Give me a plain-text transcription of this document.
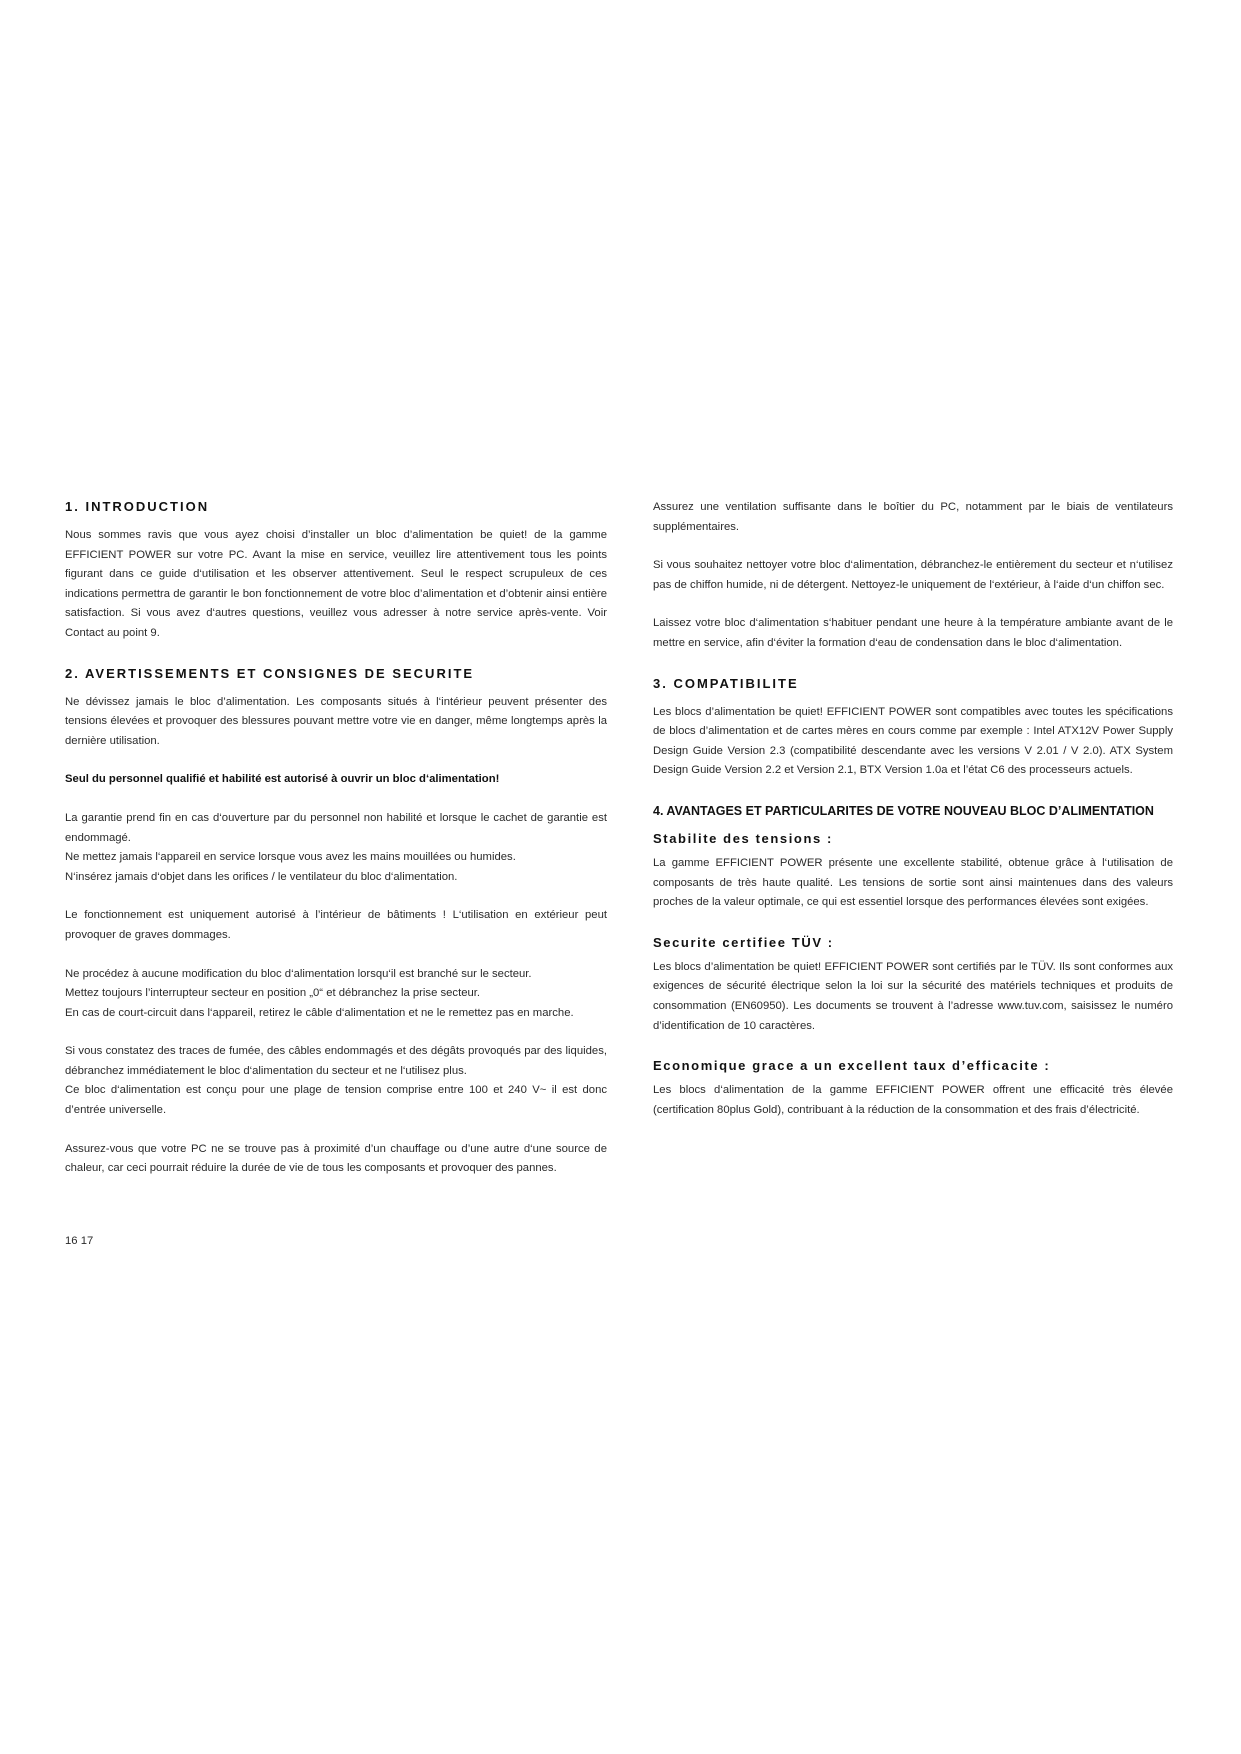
1. INTRODUCTION

Nous sommes ravis que vous ayez choisi d’installer un bloc d’alimentation be quiet! de la gamme EFFICIENT POWER sur votre PC. Avant la mise en service, veuillez lire attentivement tous les points figurant dans ce guide d‘utilisation et les observer attentivement. Seul le respect scrupuleux de ces indications permettra de garantir le bon fonctionnement de votre bloc d’alimentation et d’obtenir ainsi entière satisfaction. Si vous avez d‘autres questions, veuillez vous adresser à notre service après-vente. Voir Contact au point 9.

2. AVERTISSEMENTS ET CONSIGNES DE SECURITE

Ne dévissez jamais le bloc d’alimentation. Les composants situés à l‘intérieur peuvent présenter des tensions élevées et provoquer des blessures pouvant mettre votre vie en danger, même longtemps après la dernière utilisation.

Seul du personnel qualifié et habilité est autorisé à ouvrir un bloc d‘alimentation!

La garantie prend fin en cas d‘ouverture par du personnel non habilité et lorsque le cachet de garantie est endommagé.

Ne mettez jamais l‘appareil en service lorsque vous avez les mains mouillées ou humides.

N‘insérez jamais d‘objet dans les orifices / le ventilateur du bloc d‘alimentation.

Le fonctionnement est uniquement autorisé à l’intérieur de bâtiments ! L‘utilisation en extérieur peut provoquer de graves dommages.

Ne procédez à aucune modification du bloc d‘alimentation lorsqu‘il est branché sur le secteur.

Mettez toujours l’interrupteur secteur en position „0“ et débranchez la prise secteur.

En cas de court-circuit dans l‘appareil, retirez le câble d‘alimentation et ne le remettez pas en marche.

Si vous constatez des traces de fumée, des câbles endommagés et des dégâts provoqués par des liquides, débranchez immédiatement le bloc d‘alimentation du secteur et ne l‘utilisez plus.

Ce bloc d‘alimentation est conçu pour une plage de tension comprise entre 100 et 240 V~ il est donc d’entrée universelle.

Assurez-vous que votre PC ne se trouve pas à proximité d’un chauffage ou d’une autre d‘une source de chaleur, car ceci pourrait réduire la durée de vie de tous les composants et provoquer des pannes.

Assurez une ventilation suffisante dans le boîtier du PC, notamment par le biais de ventilateurs supplémentaires.

Si vous souhaitez nettoyer votre bloc d‘alimentation, débranchez-le entièrement du secteur et n‘utilisez pas de chiffon humide, ni de détergent. Nettoyez-le uniquement de l‘extérieur, à l‘aide d‘un chiffon sec.

Laissez votre bloc d‘alimentation s‘habituer pendant une heure à la température ambiante avant de le mettre en service, afin d‘éviter la formation d‘eau de condensation dans le bloc d‘alimentation.

3. COMPATIBILITE

Les blocs d’alimentation be quiet! EFFICIENT POWER sont compatibles avec toutes les spécifications de blocs d’alimentation et de cartes mères en cours comme par exemple : Intel ATX12V Power Supply Design Guide Version 2.3 (compatibilité descendante avec les versions V 2.01 / V 2.0). ATX System Design Guide Version 2.2 et Version 2.1, BTX Version 1.0a et l’état C6 des processeurs actuels.

4. AVANTAGES ET PARTICULARITES DE VOTRE NOUVEAU BLOC D’ALIMENTATION
Stabilite des tensions :

La gamme EFFICIENT POWER présente une excellente stabilité, obtenue grâce à l‘utilisation de composants de très haute qualité. Les tensions de sortie sont ainsi maintenues dans des valeurs proches de la valeur optimale, ce qui est essentiel lorsque des performances élevées sont exigées.

Securite certifiee TÜV :

Les blocs d’alimentation be quiet! EFFICIENT POWER sont certifiés par le TÜV. Ils sont conformes aux exigences de sécurité électrique selon la loi sur la sécurité des matériels techniques et produits de consommation (EN60950). Les documents se trouvent à l’adresse www.tuv.com, saisissez le numéro d’identification de 10 caractères.

Economique grace a un excellent taux d’efficacite :

Les blocs d‘alimentation de la gamme EFFICIENT POWER offrent une efficacité très élevée (certification 80plus Gold), contribuant à la réduction de la consommation et des frais d’électricité.

16 17
